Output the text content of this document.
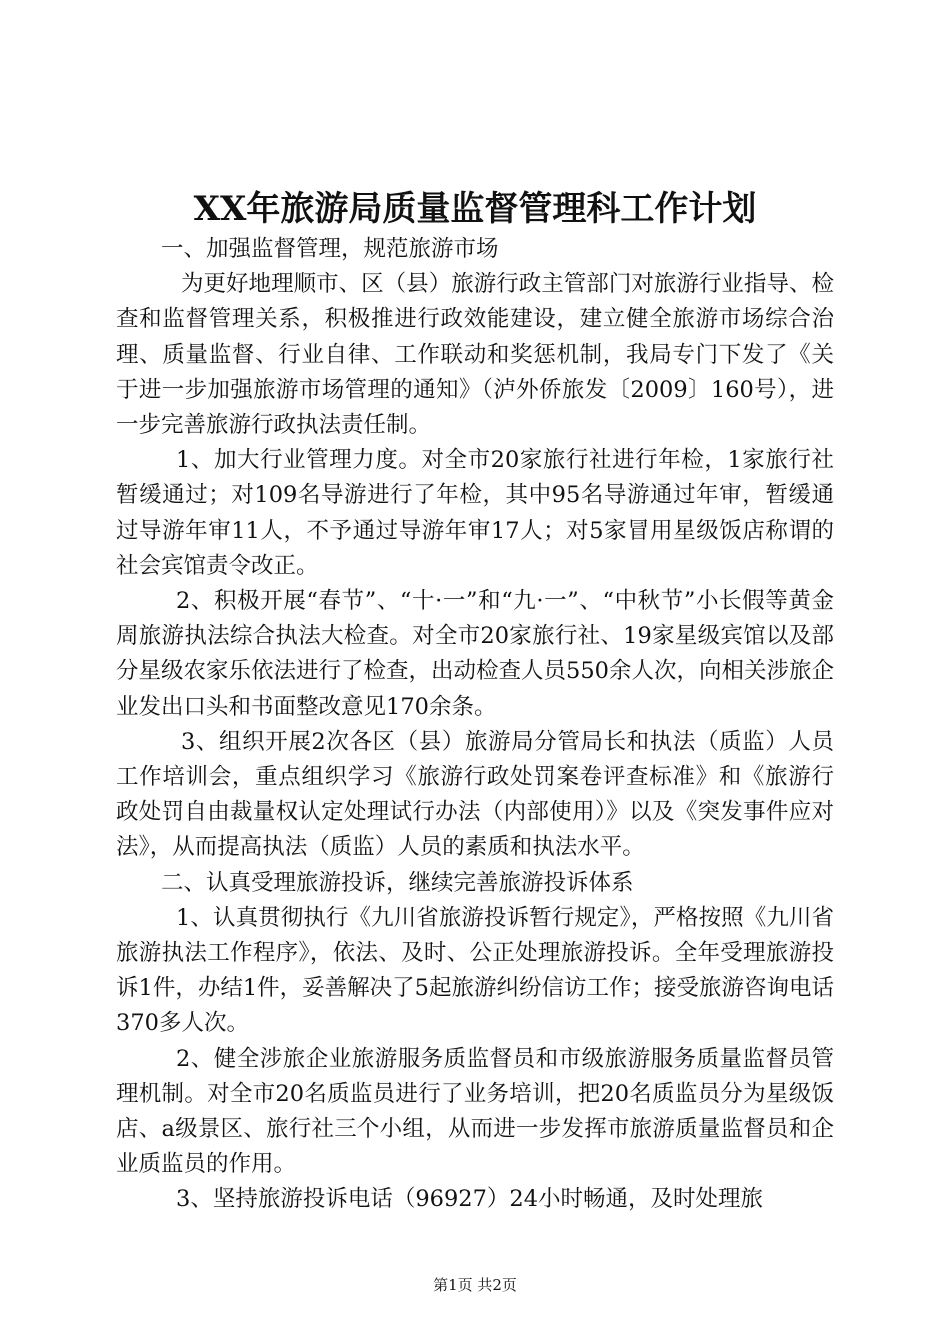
XX年旅游局质量监督管理科工作计划

一、加强监督管理，规范旅游市场

为更好地理顺市、区（县）旅游行政主管部门对旅游行业指导、检查和监督管理关系，积极推进行政效能建设，建立健全旅游市场综合治理、质量监督、行业自律、工作联动和奖惩机制，我局专门下发了《关于进一步加强旅游市场管理的通知》（泸外侨旅发〔2009〕160号），进一步完善旅游行政执法责任制。

1、加大行业管理力度。对全市20家旅行社进行年检，1家旅行社暂缓通过；对109名导游进行了年检，其中95名导游通过年审，暂缓通过导游年审11人，不予通过导游年审17人；对5家冒用星级饭店称谓的社会宾馆责令改正。

2、积极开展“春节”、“十·一”和“九·一”、“中秋节”小长假等黄金周旅游执法综合执法大检查。对全市20家旅行社、19家星级宾馆以及部分星级农家乐依法进行了检查，出动检查人员550余人次，向相关涉旅企业发出口头和书面整改意见170余条。

3、组织开展2次各区（县）旅游局分管局长和执法（质监）人员工作培训会，重点组织学习《旅游行政处罚案卷评查标准》和《旅游行政处罚自由裁量权认定处理试行办法（内部使用）》以及《突发事件应对法》，从而提高执法（质监）人员的素质和执法水平。

二、认真受理旅游投诉，继续完善旅游投诉体系

1、认真贯彻执行《九川省旅游投诉暂行规定》，严格按照《九川省旅游执法工作程序》，依法、及时、公正处理旅游投诉。全年受理旅游投诉1件，办结1件，妥善解决了5起旅游纠纷信访工作；接受旅游咨询电话370多人次。

2、健全涉旅企业旅游服务质监督员和市级旅游服务质量监督员管理机制。对全市20名质监员进行了业务培训，把20名质监员分为星级饭店、a级景区、旅行社三个小组，从而进一步发挥市旅游质量监督员和企业质监员的作用。

3、坚持旅游投诉电话（96927）24小时畅通，及时处理旅

第1页 共2页
